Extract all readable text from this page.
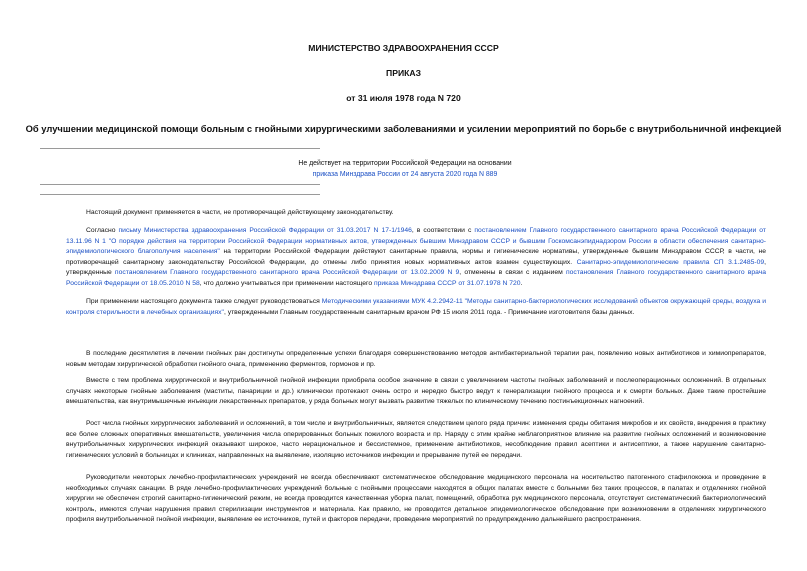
МИНИСТЕРСТВО ЗДРАВООХРАНЕНИЯ СССР
ПРИКАЗ
от 31 июля 1978 года N 720
Об улучшении медицинской помощи больным с гнойными хирургическими заболеваниями и усилении мероприятий по борьбе с внутрибольничной инфекцией
Не действует на территории Российской Федерации на основании
приказа Минздрава России от 24 августа 2020 года N 889
Настоящий документ применяется в части, не противоречащей действующему законодательству.
Согласно письму Министерства здравоохранения Российской Федерации от 31.03.2017 N 17-1/1946, в соответствии с постановлением Главного государственного санитарного врача Российской Федерации от 13.11.96 N 1 "О порядке действия на территории Российской Федерации нормативных актов, утвержденных бывшим Минздравом СССР и бывшим Госкомсанэпиднадзором России в области обеспечения санитарно-эпидемиологического благополучия населения" на территории Российской Федерации действуют санитарные правила, нормы и гигиенические нормативы, утвержденные бывшим Минздравом СССР, в части, не противоречащей санитарному законодательству Российской Федерации, до отмены либо принятия новых нормативных актов взамен существующих. Санитарно-эпидемиологические правила СП 3.1.2485-09, утвержденные постановлением Главного государственного санитарного врача Российской Федерации от 13.02.2009 N 9, отменены в связи с изданием постановления Главного государственного санитарного врача Российской Федерации от 18.05.2010 N 58, что должно учитываться при применении настоящего приказа Минздрава СССР от 31.07.1978 N 720.
При применении настоящего документа также следует руководствоваться Методическими указаниями МУК 4.2.2942-11 "Методы санитарно-бактериологических исследований объектов окружающей среды, воздуха и контроля стерильности в лечебных организациях", утвержденными Главным государственным санитарным врачом РФ 15 июля 2011 года. - Примечание изготовителя базы данных.
В последние десятилетия в лечении гнойных ран достигнуты определенные успехи благодаря совершенствованию методов антибактериальной терапии ран, появлению новых антибиотиков и химиопрепаратов, новым методам хирургической обработки гнойного очага, применению ферментов, гормонов и пр.
Вместе с тем проблема хирургической и внутрибольничной гнойной инфекции приобрела особое значение в связи с увеличением частоты гнойных заболеваний и послеоперационных осложнений. В отдельных случаях некоторые гнойные заболевания (маститы, панариции и др.) клинически протекают очень остро и нередко быстро ведут к генерализации гнойного процесса и к смерти больных. Даже такие простейшие вмешательства, как внутримышечные инъекции лекарственных препаратов, у ряда больных могут вызвать развитие тяжелых по клиническому течению постинъекционных нагноений.
Рост числа гнойных хирургических заболеваний и осложнений, в том числе и внутрибольничных, является следствием целого ряда причин: изменения среды обитания микробов и их свойств, внедрения в практику все более сложных оперативных вмешательств, увеличения числа оперированных больных пожилого возраста и пр. Наряду с этим крайне неблагоприятное влияние на развитие гнойных осложнений и возникновение внутрибольничных хирургических инфекций оказывают широкое, часто нерациональное и бессистемное, применение антибиотиков, несоблюдение правил асептики и антисептики, а также нарушение санитарно-гигиенических условий в больницах и клиниках, направленных на выявление, изоляцию источников инфекции и прерывание путей ее передачи.
Руководители некоторых лечебно-профилактических учреждений не всегда обеспечивают систематическое обследование медицинского персонала на носительство патогенного стафилококка и проведение в необходимых случаях санации. В ряде лечебно-профилактических учреждений больные с гнойными процессами находятся в общих палатах вместе с больными без таких процессов, в палатах и отделениях гнойной хирургии не обеспечен строгий санитарно-гигиенический режим, не всегда проводится качественная уборка палат, помещений, обработка рук медицинского персонала, отсутствует систематический бактериологический контроль, имеются случаи нарушения правил стерилизации инструментов и материала. Как правило, не проводится детальное эпидемиологическое обследование при возникновении в отделениях хирургического профиля внутрибольничной гнойной инфекции, выявление ее источников, путей и факторов передачи, проведение мероприятий по предупреждению дальнейшего распространения.
